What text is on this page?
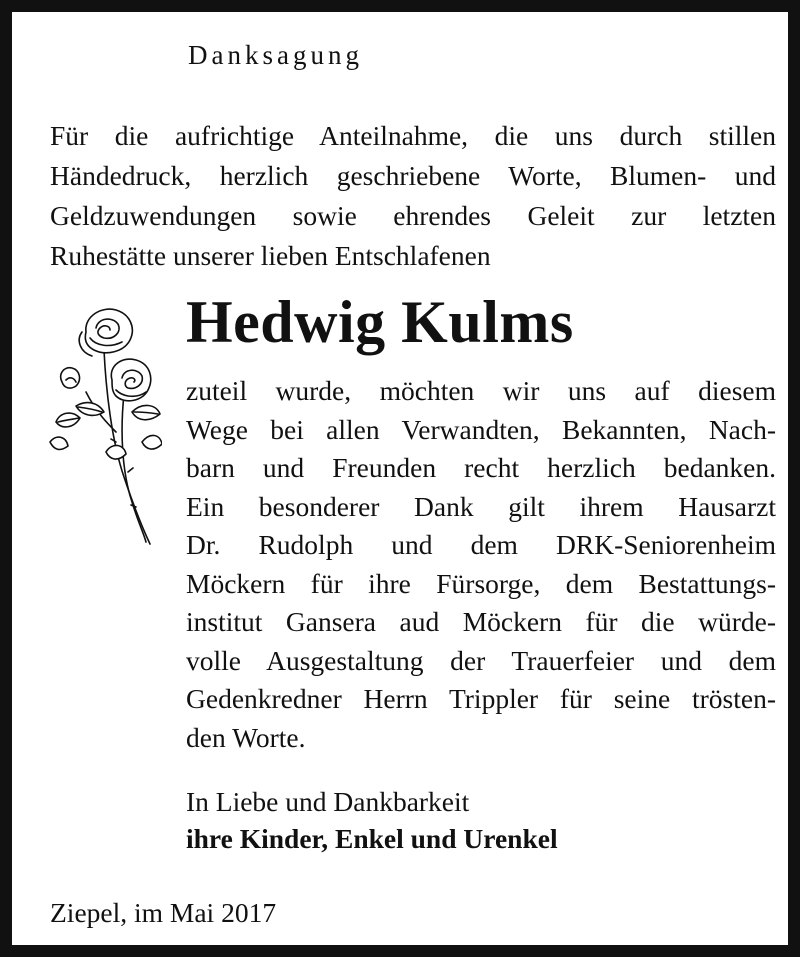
Danksagung
Für die aufrichtige Anteilnahme, die uns durch stillen
Händedruck, herzlich geschriebene Worte, Blumen- und
Geldzuwendungen sowie ehrendes Geleit zur letzten
Ruhestätte unserer lieben Entschlafenen
Hedwig Kulms
zuteil wurde, möchten wir uns auf diesem
Wege bei allen Verwandten, Bekannten, Nach-
barn und Freunden recht herzlich bedanken.
Ein besonderer Dank gilt ihrem Hausarzt
Dr. Rudolph und dem DRK-Seniorenheim
Möckern für ihre Fürsorge, dem Bestattungs-
institut Gansera aud Möckern für die würde-
volle Ausgestaltung der Trauerfeier und dem
Gedenkredner Herrn Trippler für seine trösten-
den Worte.
In Liebe und Dankbarkeit
ihre Kinder, Enkel und Urenkel
Ziepel, im Mai 2017
